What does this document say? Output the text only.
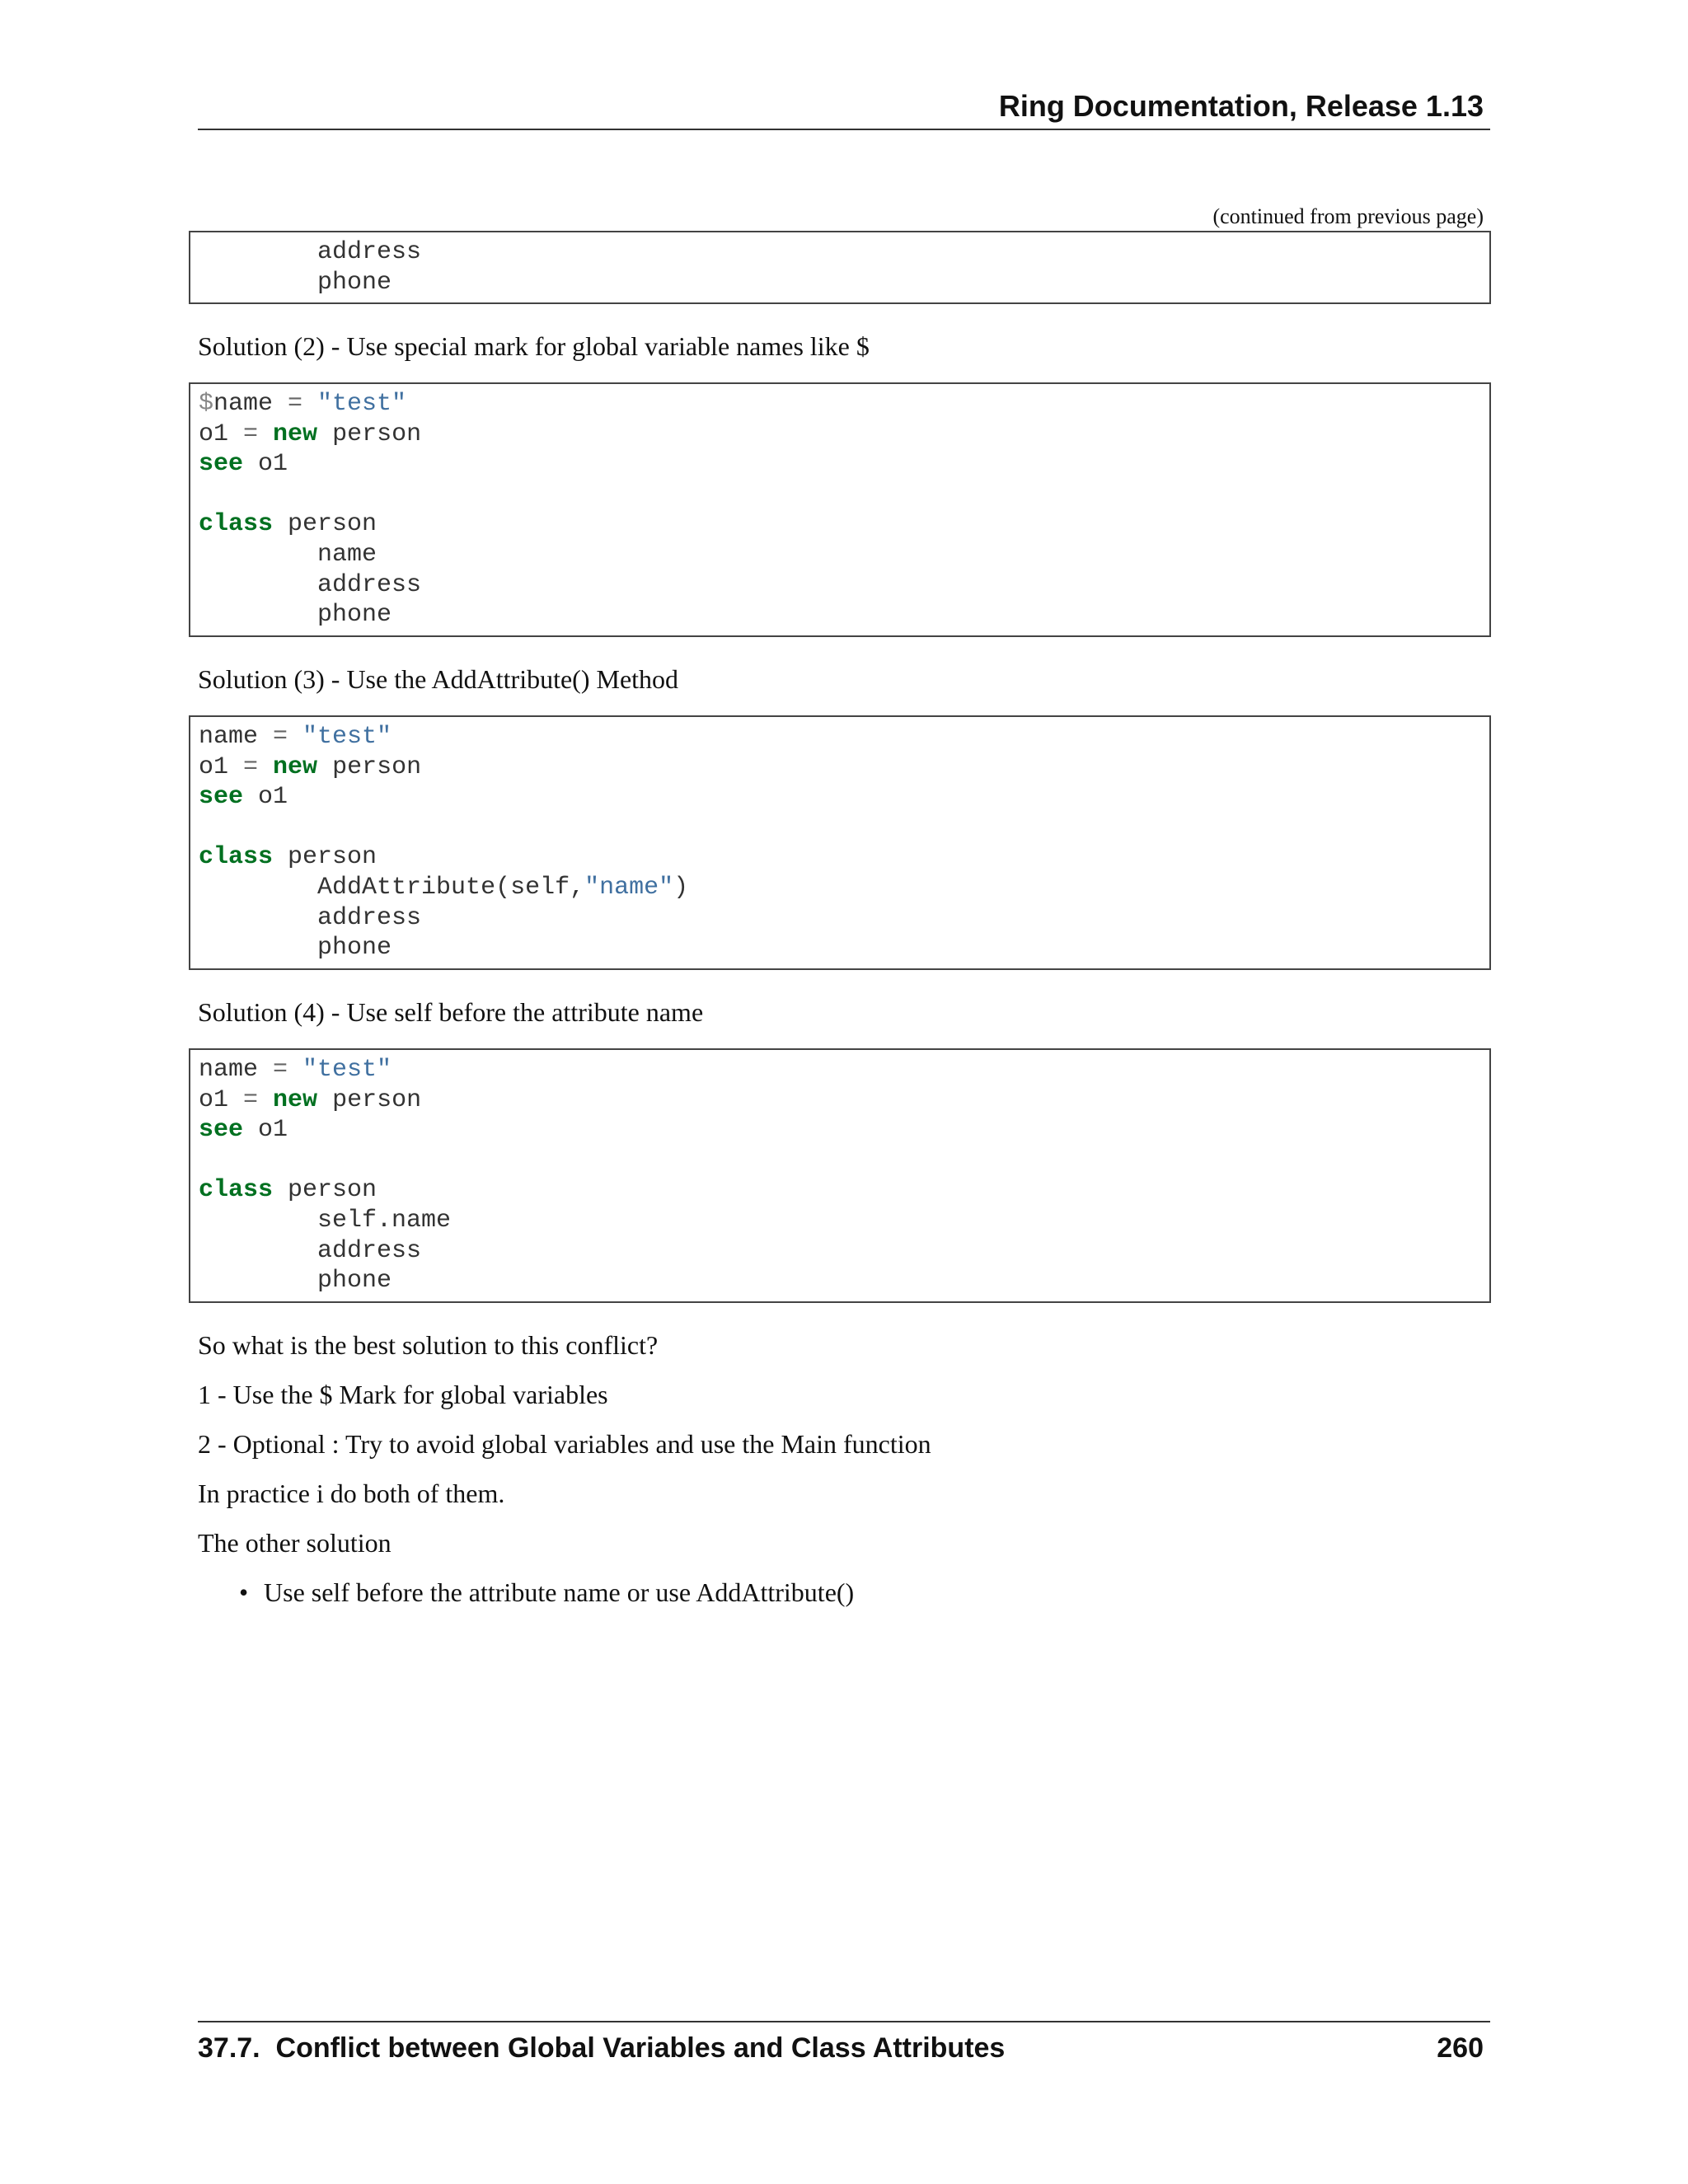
Ring Documentation, Release 1.13
(continued from previous page)
address
phone
Solution (2) - Use special mark for global variable names like $
$name = "test"
o1 = new person
see o1
class person
name
address
phone
Solution (3) - Use the AddAttribute() Method
name = "test"
o1 = new person
see o1
class person
AddAttribute(self,"name")
address
phone
Solution (4) - Use self before the attribute name
name = "test"
o1 = new person
see o1
class person
self.name
address
phone
So what is the best solution to this conflict?
1 - Use the $ Mark for global variables
2 - Optional : Try to avoid global variables and use the Main function
In practice i do both of them.
The other solution
• Use self before the attribute name or use AddAttribute()
37.7.  Conflict between Global Variables and Class Attributes	260
